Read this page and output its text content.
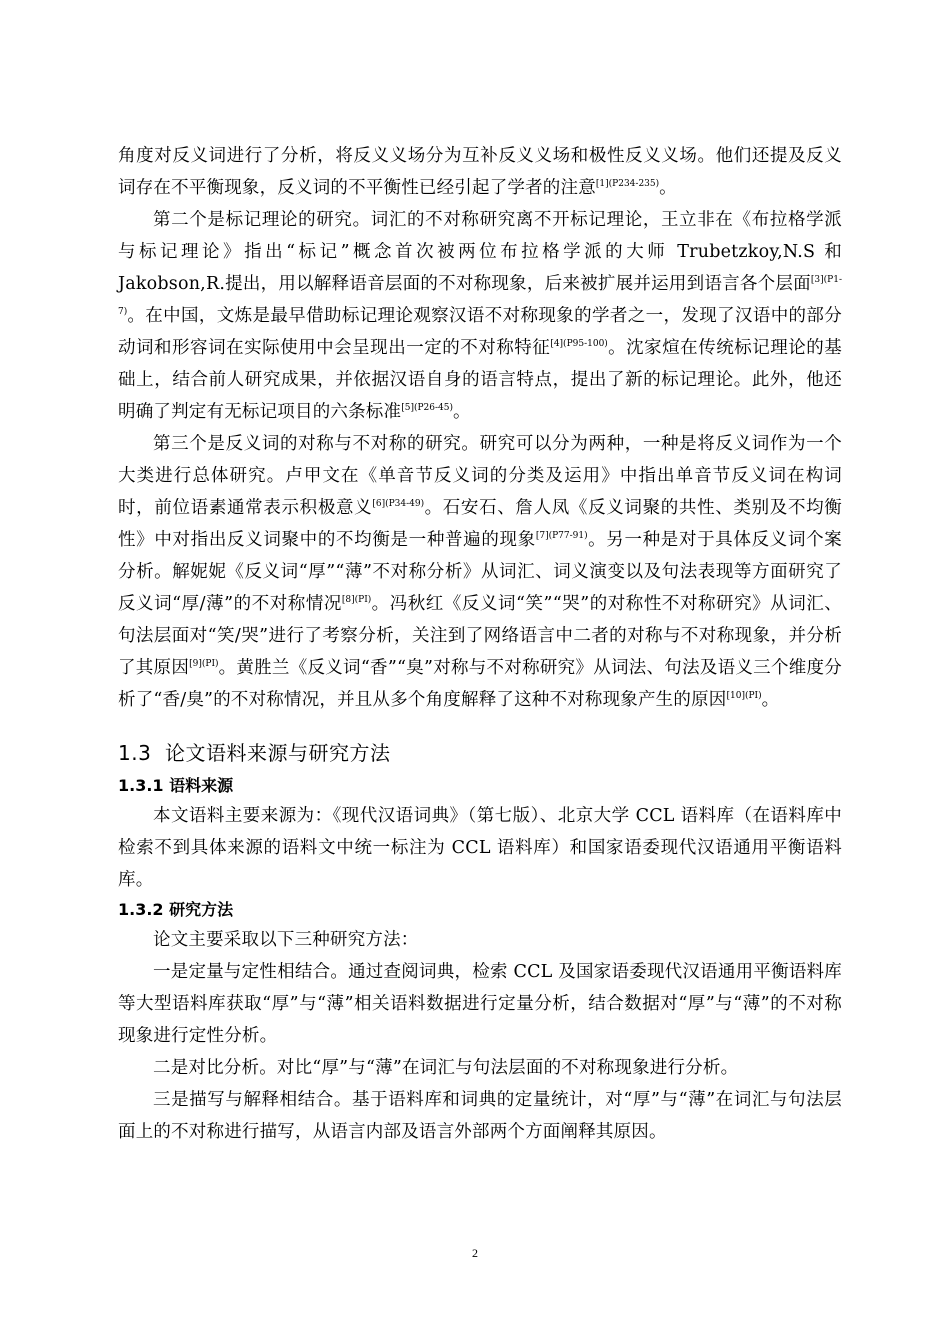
角度对反义词进行了分析，将反义义场分为互补反义义场和极性反义义场。他们还提及反义词存在不平衡现象，反义词的不平衡性已经引起了学者的注意$^{[1](P234-235)}$。

第二个是标记理论的研究。词汇的不对称研究离不开标记理论，王立非在《布拉格学派与标记理论》指出“标记”概念首次被两位布拉格学派的大师 Trubetzkoy,N.S 和 Jakobson,R.提出，用以解释语音层面的不对称现象，后来被扩展并运用到语言各个层面$^{[3](P1-7)}$。在中国，文炼是最早借助标记理论观察汉语不对称现象的学者之一，发现了汉语中的部分动词和形容词在实际使用中会呈现出一定的不对称特征$^{[4](P95-100)}$。沈家煊在传统标记理论的基础上，结合前人研究成果，并依据汉语自身的语言特点，提出了新的标记理论。此外，他还明确了判定有无标记项目的六条标准$^{[5](P26-45)}$。

第三个是反义词的对称与不对称的研究。研究可以分为两种，一种是将反义词作为一个大类进行总体研究。卢甲文在《单音节反义词的分类及运用》中指出单音节反义词在构词时，前位语素通常表示积极意义$^{[6](P34-49)}$。石安石、詹人凤《反义词聚的共性、类别及不均衡性》中对指出反义词聚中的不均衡是一种普遍的现象$^{[7](P77-91)}$。另一种是对于具体反义词个案分析。解妮妮《反义词“厚”“薄”不对称分析》从词汇、词义演变以及句法表现等方面研究了反义词“厚/薄”的不对称情况$^{[8](PI)}$。冯秋红《反义词“笑”“哭”的对称性不对称研究》从词汇、句法层面对“笑/哭”进行了考察分析，关注到了网络语言中二者的对称与不对称现象，并分析了其原因$^{[9](PI)}$。黄胜兰《反义词“香”“臭”对称与不对称研究》从词法、句法及语义三个维度分析了“香/臭”的不对称情况，并且从多个角度解释了这种不对称现象产生的原因$^{[10](PI)}$。

1.3 论文语料来源与研究方法
1.3.1 语料来源

本文语料主要来源为：《现代汉语词典》（第七版）、北京大学 CCL 语料库（在语料库中检索不到具体来源的语料文中统一标注为 CCL 语料库）和国家语委现代汉语通用平衡语料库。

1.3.2 研究方法

论文主要采取以下三种研究方法：

一是定量与定性相结合。通过查阅词典，检索 CCL 及国家语委现代汉语通用平衡语料库等大型语料库获取“厚”与“薄”相关语料数据进行定量分析，结合数据对“厚”与“薄”的不对称现象进行定性分析。

二是对比分析。对比“厚”与“薄”在词汇与句法层面的不对称现象进行分析。

三是描写与解释相结合。基于语料库和词典的定量统计，对“厚”与“薄”在词汇与句法层面上的不对称进行描写，从语言内部及语言外部两个方面阐释其原因。

2
